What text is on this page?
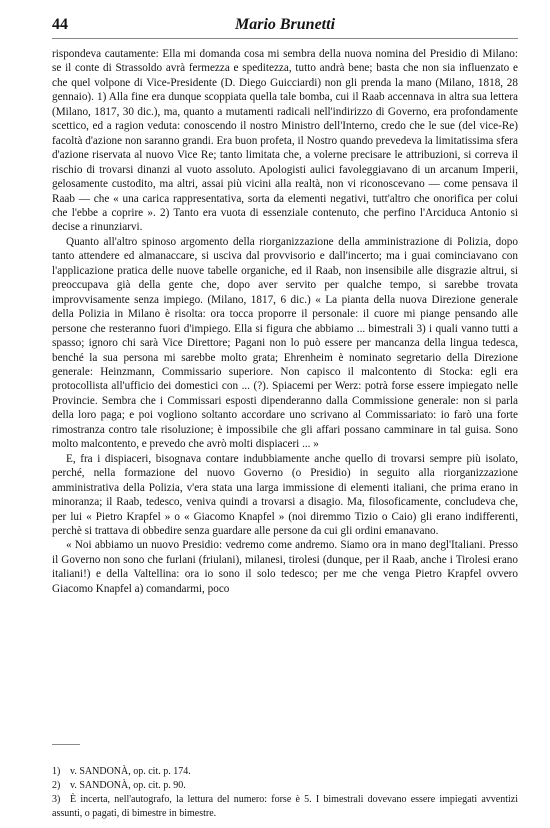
44	Mario Brunetti

rispondeva cautamente: Ella mi domanda cosa mi sembra della nuova nomina del Presidio di Milano: se il conte di Strassoldo avrà fermezza e speditezza, tutto andrà bene; basta che non sia influenzato e che quel volpone di Vice-Presidente (D. Diego Guicciardi) non gli prenda la mano (Milano, 1818, 28 gennaio). 1) Alla fine era dunque scoppiata quella tale bomba, cui il Raab accennava in altra sua lettera (Milano, 1817, 30 dic.), ma, quanto a mutamenti radicali nell'indirizzo di Governo, era profondamente scettico, ed a ragion veduta: conoscendo il nostro Ministro dell'Interno, credo che le sue (del vice-Re) facoltà d'azione non saranno grandi. Era buon profeta, il Nostro quando prevedeva la limitatissima sfera d'azione riservata al nuovo Vice Re; tanto limitata che, a volerne precisare le attribuzioni, si correva il rischio di trovarsi dinanzi al vuoto assoluto. Apologisti aulici favoleggiavano di un arcanum Imperii, gelosamente custodito, ma altri, assai più vicini alla realtà, non vi riconoscevano — come pensava il Raab — che « una carica rappresentativa, sorta da elementi negativi, tutt'altro che onorifica per colui che l'ebbe a coprire ». 2) Tanto era vuota di essenziale contenuto, che perfino l'Arciduca Antonio si decise a rinunziarvi.

Quanto all'altro spinoso argomento della riorganizzazione della amministrazione di Polizia, dopo tanto attendere ed almanaccare, si usciva dal provvisorio e dall'incerto; ma i guai cominciavano con l'applicazione pratica delle nuove tabelle organiche, ed il Raab, non insensibile alle disgrazie altrui, si preoccupava già della gente che, dopo aver servito per qualche tempo, si sarebbe trovata improvvisamente senza impiego. (Milano, 1817, 6 dic.) « La pianta della nuova Direzione generale della Polizia in Milano è risolta: ora tocca proporre il personale: il cuore mi piange pensando alle persone che resteranno fuori d'impiego. Ella si figura che abbiamo ... bimestrali 3) i quali vanno tutti a spasso; ignoro chi sarà Vice Direttore; Pagani non lo può essere per mancanza della lingua tedesca, benché la sua persona mi sarebbe molto grata; Ehrenheim è nominato segretario della Direzione generale: Heinzmann, Commissario superiore. Non capisco il malcontento di Stocka: egli era protocollista all'ufficio dei domestici con ... (?). Spiacemi per Werz: potrà forse essere impiegato nelle Provincie. Sembra che i Commissari esposti dipenderanno dalla Commissione generale: non si parla della loro paga; e poi vogliono soltanto accordare uno scrivano al Commissariato: io farò una forte rimostranza contro tale risoluzione; è impossibile che gli affari possano camminare in tal guisa. Sono molto malcontento, e prevedo che avrò molti dispiaceri ... »

E, fra i dispiaceri, bisognava contare indubbiamente anche quello di trovarsi sempre più isolato, perché, nella formazione del nuovo Governo (o Presidio) in seguito alla riorganizzazione amministrativa della Polizia, v'era stata una larga immissione di elementi italiani, che prima erano in minoranza; il Raab, tedesco, veniva quindi a trovarsi a disagio. Ma, filosoficamente, concludeva che, per lui « Pietro Krapfel » o « Giacomo Knapfel » (noi diremmo Tizio o Caio) gli erano indifferenti, perchè si trattava di obbedire senza guardare alle persone da cui gli ordini emanavano.

« Noi abbiamo un nuovo Presidio: vedremo come andremo. Siamo ora in mano degl'Italiani. Presso il Governo non sono che furlani (friulani), milanesi, tirolesi (dunque, per il Raab, anche i Tirolesi erano italiani!) e della Valtellina: ora io sono il solo tedesco; per me che venga Pietro Krapfel ovvero Giacomo Knapfel a) comandarmi, poco

1) v. SANDONÀ, op. cit. p. 174.

2) v. SANDONÀ, op. cit. p. 90.

3) È incerta, nell'autografo, la lettura del numero: forse è 5. I bimestrali dovevano essere impiegati avventizi assunti, o pagati, di bimestre in bimestre.
